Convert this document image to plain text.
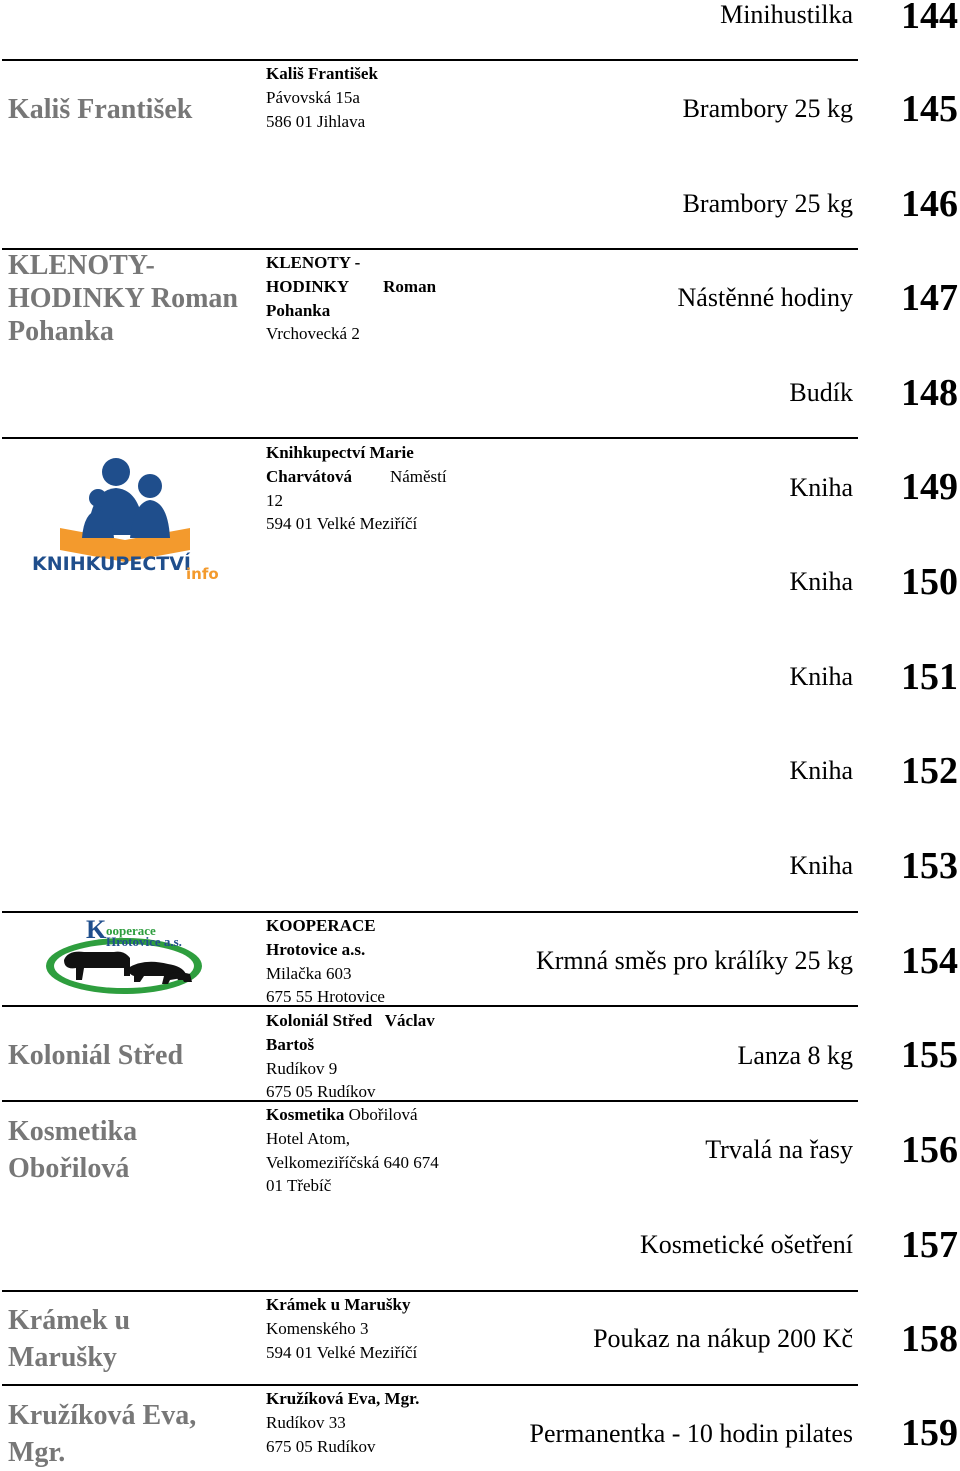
Minihustilka 144
Brambory 25 kg 145
Brambory 25 kg 146
Nástěnné hodiny 147
Budík 148
Kniha 149
Kniha 150
Kniha 151
Kniha 152
Kniha 153
Krmná směs pro králíky 25 kg 154
Lanza 8 kg 155
Trvalá na řasy 156
Kosmetické ošetření 157
Poukaz na nákup 200 Kč 158
Permanentka - 10 hodin pilates 159
Kališ František
Kališ František
Pávovská 15a
586 01 Jihlava
KLENOTY-
HODINKY Roman
Pohanka
KLENOTY -
HODINKY Roman
Pohanka
Vrchovecká 2
KNIHKUPECTVÍ
info
Knihkupectví Marie
Charvátová Náměstí
12
594 01 Velké Meziříčí
K ooperace
Hrotovice a.s.
KOOPERACE
Hrotovice a.s.
Milačka 603
675 55 Hrotovice
Koloniál Střed
Koloniál Střed   Václav
Bartoš
Rudíkov 9
675 05 Rudíkov
Kosmetika
Obořilová
Kosmetika Obořilová
Hotel Atom,
Velkomeziříčská 640 674
01 Třebíč
Krámek u
Marušky
Krámek u Marušky
Komenského 3
594 01 Velké Meziříčí
Kružíková Eva,
Mgr.
Kružíková Eva, Mgr.
Rudíkov 33
675 05 Rudíkov
